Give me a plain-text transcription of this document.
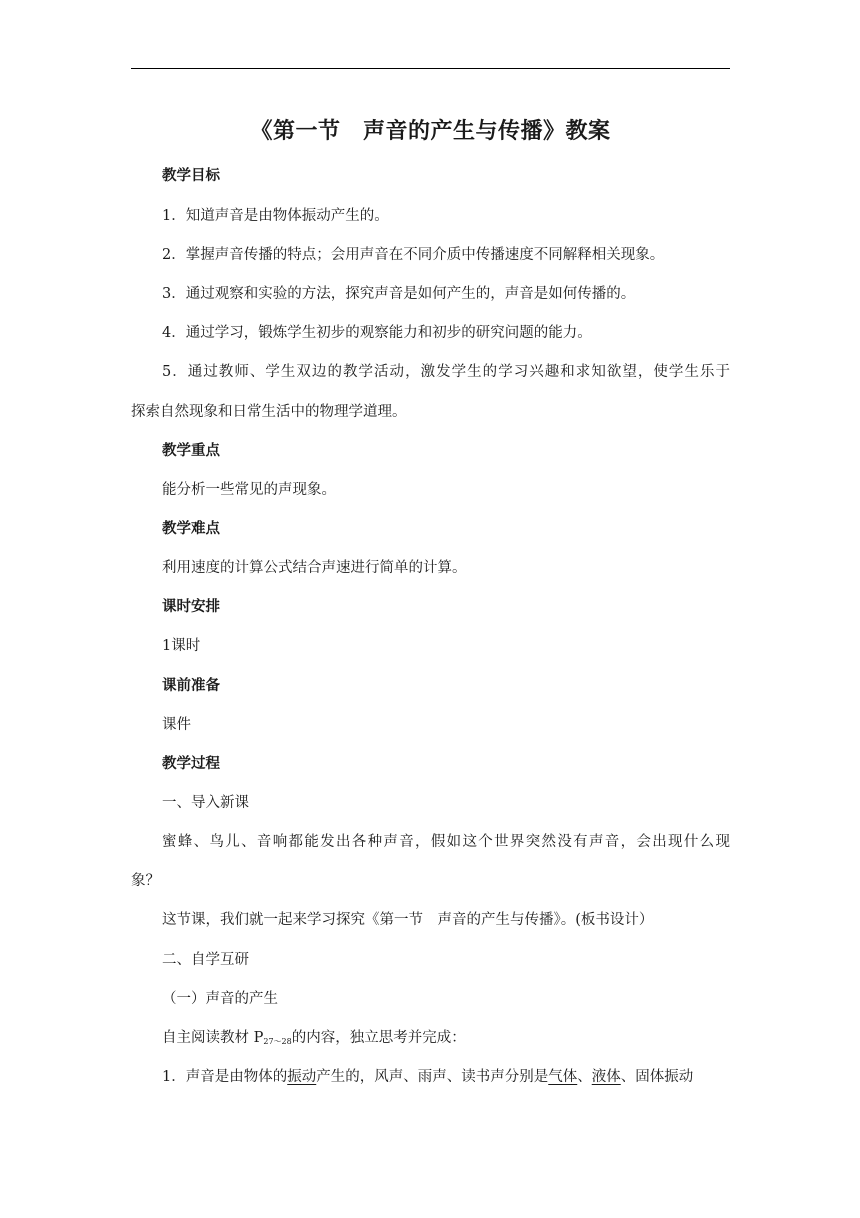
《第一节　声音的产生与传播》教案
教学目标
1．知道声音是由物体振动产生的。
2．掌握声音传播的特点；会用声音在不同介质中传播速度不同解释相关现象。
3．通过观察和实验的方法，探究声音是如何产生的，声音是如何传播的。
4．通过学习，锻炼学生初步的观察能力和初步的研究问题的能力。
5．通过教师、学生双边的教学活动，激发学生的学习兴趣和求知欲望，使学生乐于
探索自然现象和日常生活中的物理学道理。
教学重点
能分析一些常见的声现象。
教学难点
利用速度的计算公式结合声速进行简单的计算。
课时安排
1课时
课前准备
课件
教学过程
一、导入新课
蜜蜂、鸟儿、音响都能发出各种声音，假如这个世界突然没有声音，会出现什么现
象？
这节课，我们就一起来学习探究《第一节　声音的产生与传播》。(板书设计）
二、自学互研
（一）声音的产生
自主阅读教材 $P_{27\sim 28}$的内容，独立思考并完成：
1．声音是由物体的振动产生的，风声、雨声、读书声分别是气体、液体、固体振动
